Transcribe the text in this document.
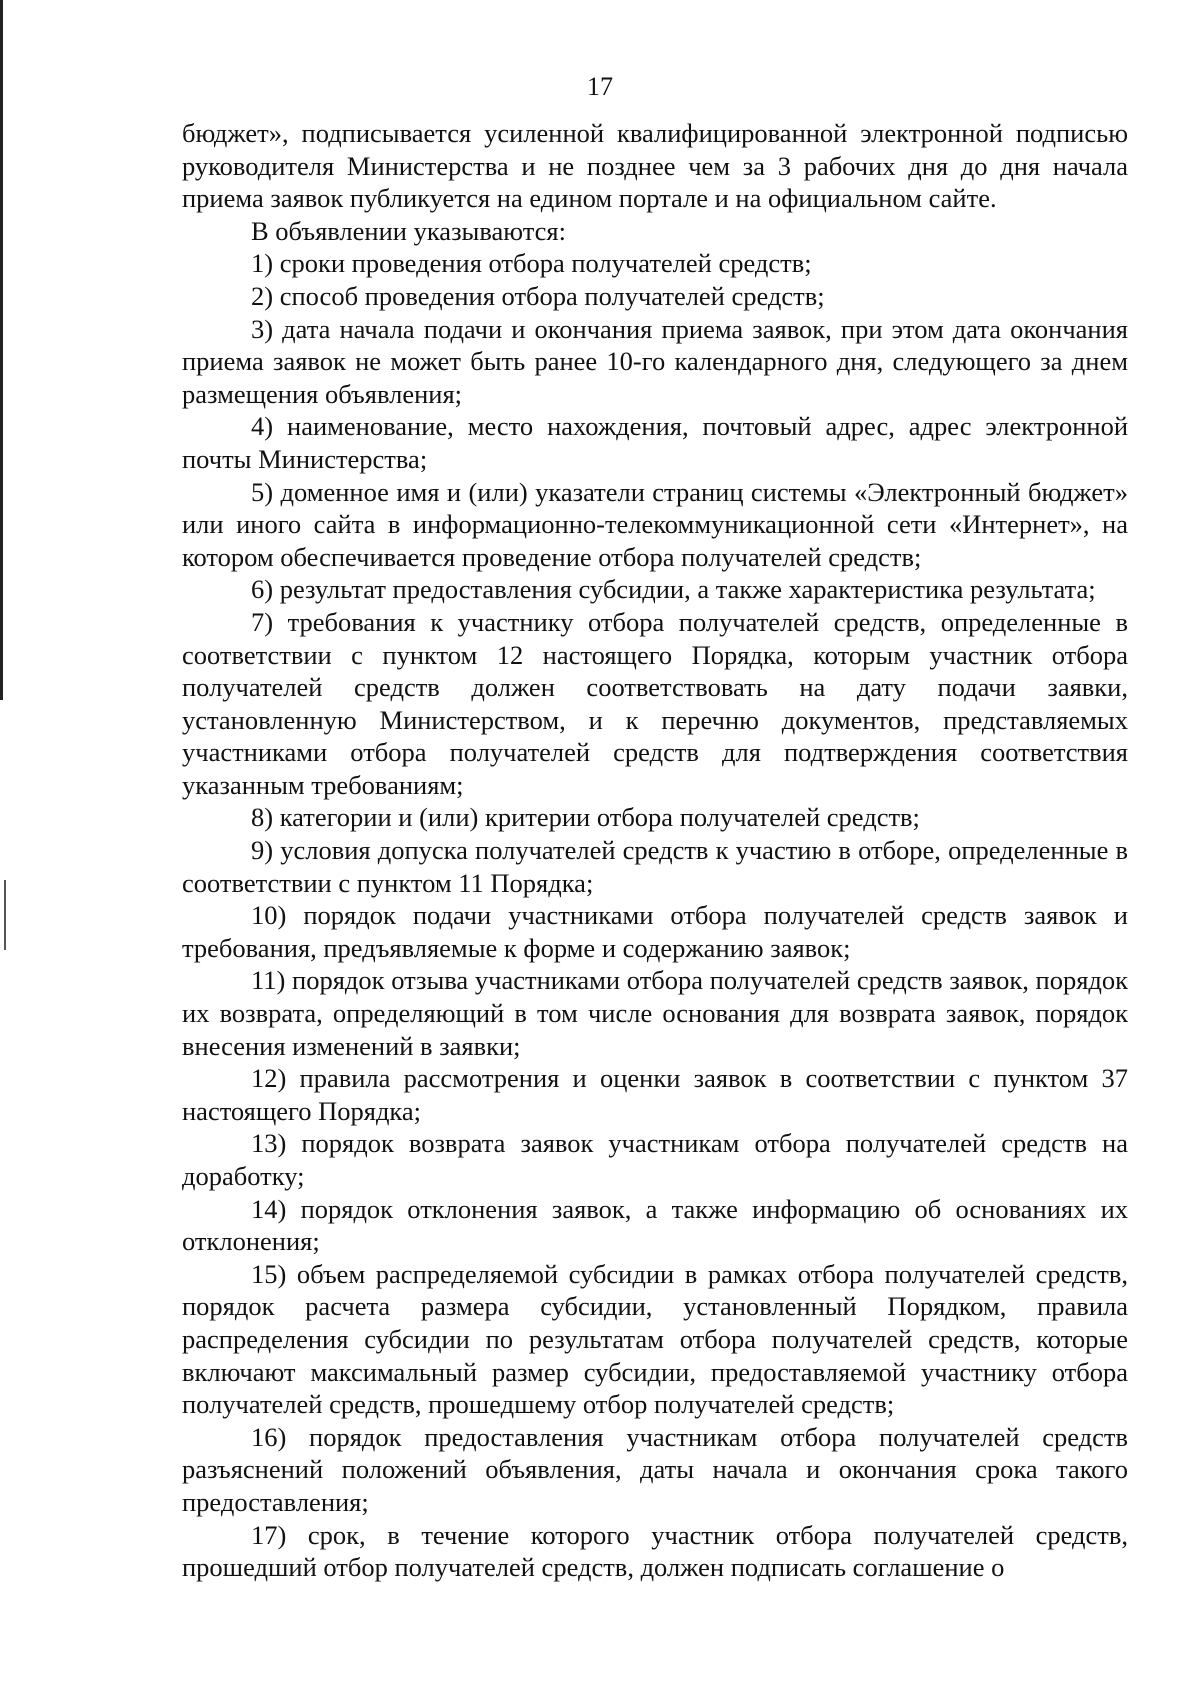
17

бюджет», подписывается усиленной квалифицированной электронной подписью руководителя Министерства и не позднее чем за 3 рабочих дня до дня начала приема заявок публикуется на едином портале и на официальном сайте.

В объявлении указываются:

1) сроки проведения отбора получателей средств;

2) способ проведения отбора получателей средств;

3) дата начала подачи и окончания приема заявок, при этом дата окончания приема заявок не может быть ранее 10-го календарного дня, следующего за днем размещения объявления;

4) наименование, место нахождения, почтовый адрес, адрес электронной почты Министерства;

5) доменное имя и (или) указатели страниц системы «Электронный бюджет» или иного сайта в информационно-телекоммуникационной сети «Интернет», на котором обеспечивается проведение отбора получателей средств;

6) результат предоставления субсидии, а также характеристика результата;

7) требования к участнику отбора получателей средств, определенные в соответствии с пунктом 12 настоящего Порядка, которым участник отбора получателей средств должен соответствовать на дату подачи заявки, установленную Министерством, и к перечню документов, представляемых участниками отбора получателей средств для подтверждения соответствия указанным требованиям;

8) категории и (или) критерии отбора получателей средств;

9) условия допуска получателей средств к участию в отборе, определенные в соответствии с пунктом 11 Порядка;

10) порядок подачи участниками отбора получателей средств заявок и требования, предъявляемые к форме и содержанию заявок;

11) порядок отзыва участниками отбора получателей средств заявок, порядок их возврата, определяющий в том числе основания для возврата заявок, порядок внесения изменений в заявки;

12) правила рассмотрения и оценки заявок в соответствии с пунктом 37 настоящего Порядка;

13) порядок возврата заявок участникам отбора получателей средств на доработку;

14) порядок отклонения заявок, а также информацию об основаниях их отклонения;

15) объем распределяемой субсидии в рамках отбора получателей средств, порядок расчета размера субсидии, установленный Порядком, правила распределения субсидии по результатам отбора получателей средств, которые включают максимальный размер субсидии, предоставляемой участнику отбора получателей средств, прошедшему отбор получателей средств;

16) порядок предоставления участникам отбора получателей средств разъяснений положений объявления, даты начала и окончания срока такого предоставления;

17) срок, в течение которого участник отбора получателей средств, прошедший отбор получателей средств, должен подписать соглашение о
